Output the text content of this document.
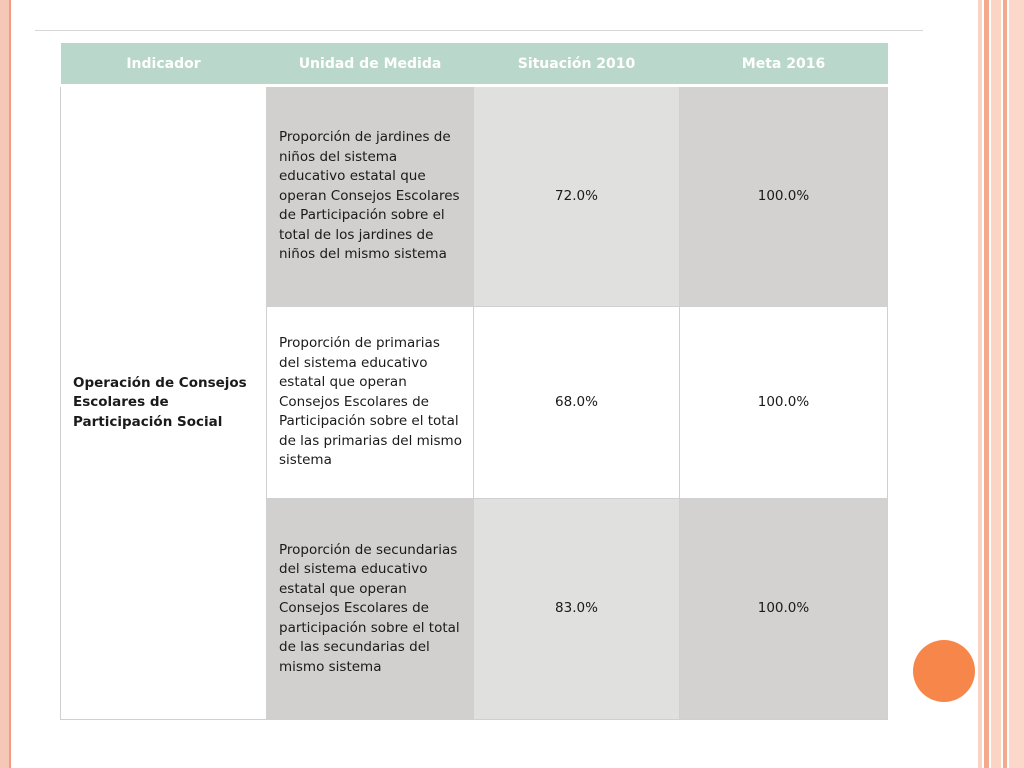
Indicador	Unidad de Medida	Situación 2010	Meta 2016
Operación de Consejos Escolares de Participación Social	Proporción de jardines de niños del sistema educativo estatal que operan Consejos Escolares de Participación sobre el total de los jardines de niños del mismo sistema	72.0%	100.0%
	Proporción de primarias del sistema educativo estatal que operan Consejos Escolares de Participación sobre el total de las primarias del mismo sistema	68.0%	100.0%
	Proporción de secundarias del sistema educativo estatal que operan Consejos Escolares de participación sobre el total de las secundarias del mismo sistema	83.0%	100.0%
